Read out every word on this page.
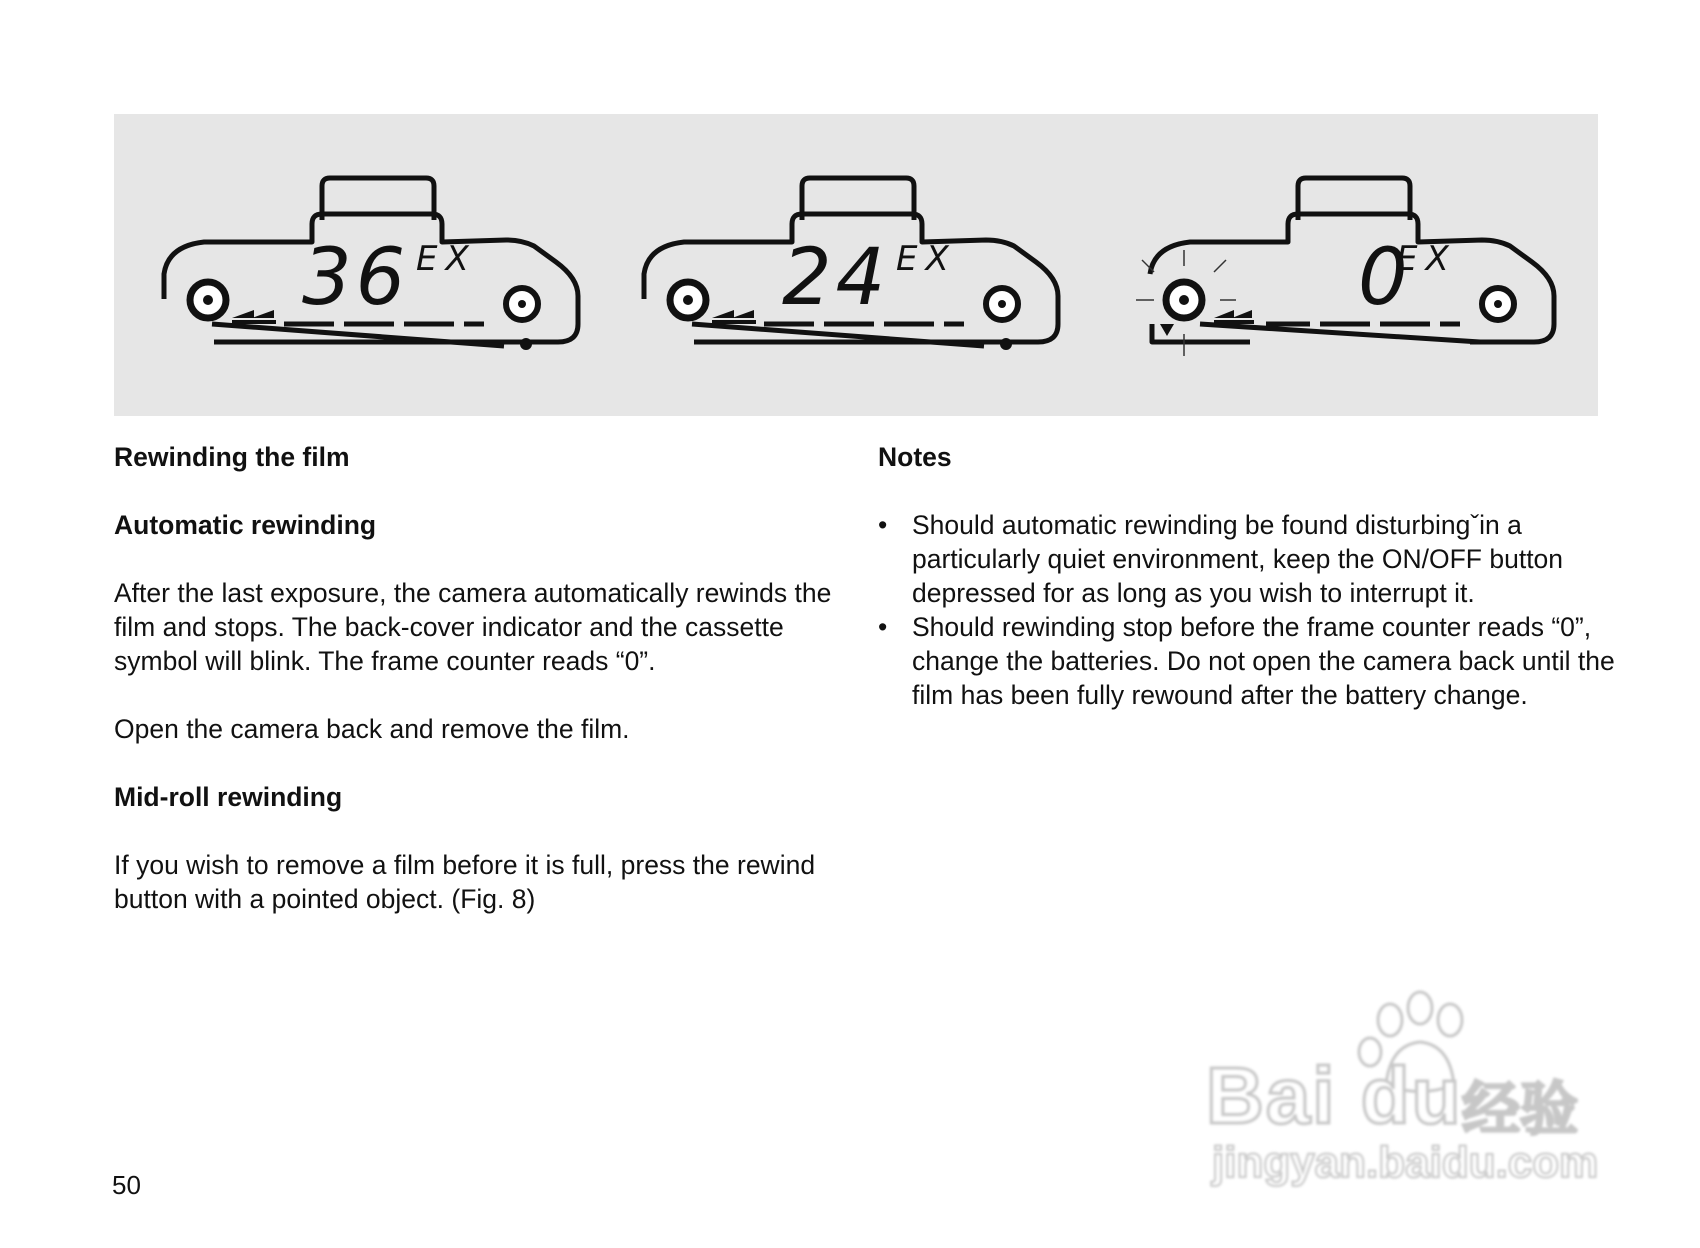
36 EX	24 EX	0
EX

Rewinding the film

Automatic rewinding

After the last exposure, the camera automatically rewinds the film and stops. The back-cover indicator and the cassette symbol will blink. The frame counter reads “0”.

Open the camera back and remove the film.

Mid-roll rewinding

If you wish to remove a film before it is full, press the rewind button with a pointed object. (Fig. 8)

Notes

• Should automatic rewinding be found disturbingˇin a particularly quiet environment, keep the ON/OFF button depressed for as long as you wish to interrupt it.
• Should rewinding stop before the frame counter reads “0”, change the batteries. Do not open the camera back until the film has been fully rewound after the battery change.
50
Bai du 经验
jingyan.baidu.com
